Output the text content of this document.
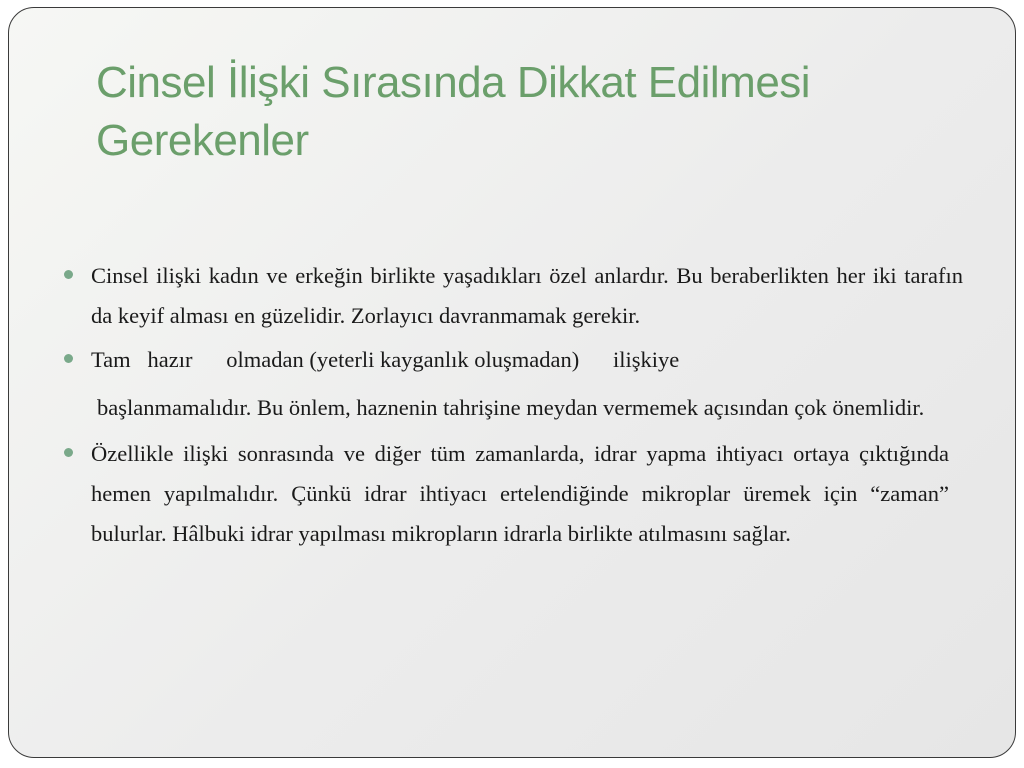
Cinsel İlişki Sırasında Dikkat Edilmesi Gerekenler
Cinsel ilişki kadın ve erkeğin birlikte yaşadıkları özel anlardır. Bu beraberlikten her iki tarafın da keyif alması en güzelidir. Zorlayıcı davranmamak gerekir.
Tam   hazır      olmadan (yeterli kayganlık oluşmadan)      ilişkiye
başlanmamalıdır. Bu önlem, haznenin tahrişine meydan vermemek açısından çok önemlidir.
Özellikle ilişki sonrasında ve diğer tüm zamanlarda, idrar yapma ihtiyacı ortaya çıktığında hemen yapılmalıdır. Çünkü idrar ihtiyacı ertelendiğinde mikroplar üremek için “zaman” bulurlar. Hâlbuki idrar yapılması mikropların idrarla birlikte atılmasını sağlar.
